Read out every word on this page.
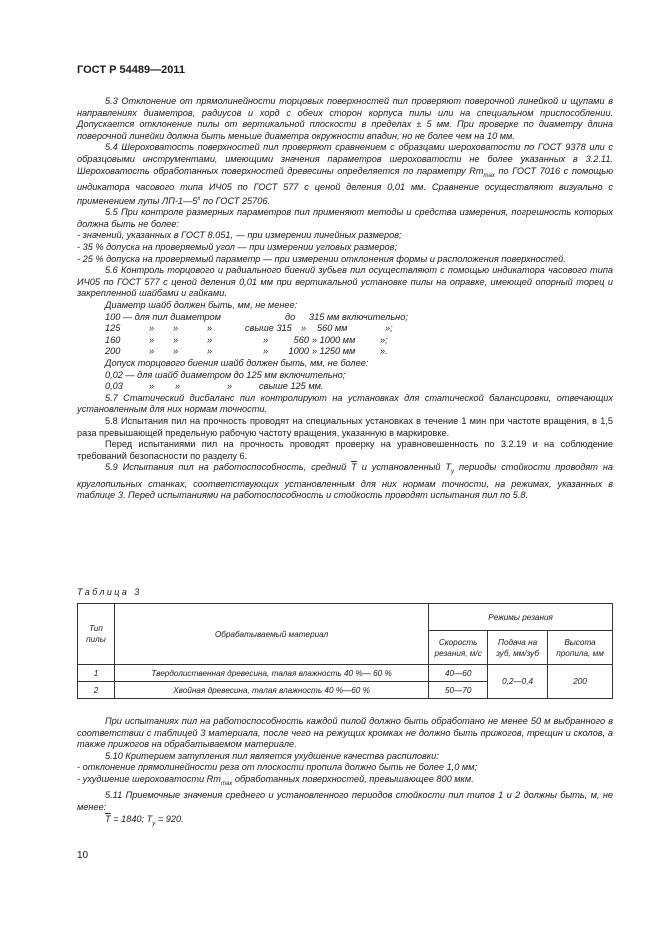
ГОСТ Р 54489—2011

5.3 Отклонение от прямолинейности торцовых поверхностей пил проверяют поверочной линейкой и щупами в направлениях диаметров, радиусов и хорд с обеих сторон корпуса пилы или на специальном приспособлении. Допускается отклонение пилы от вертикальной плоскости в пределах ± 5 мм. При проверке по диаметру длина поверочной линейки должна быть меньше диаметра окружности впадин, но не более чем на 10 мм.

5.4 Шероховатость поверхностей пил проверяют сравнением с образцами шероховатости по ГОСТ 9378 или с образцовыми инструментами, имеющими значения параметров шероховатости не более указанных в 3.2.11. Шероховатость обработанных поверхностей древесины определяется по параметру $Rm_{max}$ по ГОСТ 7016 с помощью индикатора часового типа ИЧ05 по ГОСТ 577 с ценой деления 0,01 мм. Сравнение осуществляют визуально с применением лупы ЛП-1—5$^x$ по ГОСТ 25706.

5.5 При контроле размерных параметров пил применяют методы и средства измерения, погрешность которых должна быть не более:

- значений, указанных в ГОСТ 8.051, — при измерении линейных размеров;

- 35 % допуска на проверяемый угол — при измерении угловых размеров;

- 25 % допуска на проверяемый параметр — при измерении отклонения формы и расположения поверхностей.

5.6 Контроль торцового и радиального биений зубьев пил осуществляют с помощью индикатора часового типа ИЧ05 по ГОСТ 577 с ценой деления 0,01 мм при вертикальной установке пилы на оправке, имеющей опорный торец и закрепленной шайбами и гайками.

Диаметр шайб должен быть, мм, не менее:

100 — для пил диаметром	до 315 мм включительно;
125	» »	»	свыше 315 » 560 мм	»;
160	» »	»	»	560 » 1000 мм	»;
200	» »	»	» 1000 » 1250 мм	».
Допуск торцового биения шайб должен быть, мм, не более:
0,02 — для шайб диаметром до 125 мм включительно;
0,03	» »	»	свыше 125 мм.

5.7 Статический дисбаланс пил контролируют на установках для статической балансировки, отвечающих установленным для них нормам точности.

5.8 Испытания пил на прочность проводят на специальных установках в течение 1 мин при частоте вращения, в 1,5 раза превышающей предельную рабочую частоту вращения, указанную в маркировке.

Перед испытаниями пил на прочность проводят проверку на уравновешенность по 3.2.19 и на соблюдение требований безопасности по разделу 6.

5.9 Испытания пил на работоспособность, средний $\overline{T}$ и установленный $T_у$ периоды стойкости проводят на круглопильных станках, соответствующих установленным для них нормам точности, на режимах, указанных в таблице 3. Перед испытаниями на работоспособность и стойкость проводят испытания пил по 5.8.

Таблица 3
Тип пилы	Обрабатываемый материал	Режимы резания		
		Скорость резания, м/с	Подача на зуб, мм/зуб	Высота пропила, мм
1	Твердолиственная древесина, талая влажность 40 %— 60 %	40—60	0,2—0,4	200
2	Хвойная древесина, талая влажность 40 %—60 %	50—70		

При испытаниях пил на работоспособность каждой пилой должно быть обработано не менее 50 м выбранного в соответствии с таблицей 3 материала, после чего на режущих кромках не должно быть прижогов, трещин и сколов, а также прижогов на обрабатываемом материале.

5.10 Критерием затупления пил является ухудшение качества распиловки:

- отклонение прямолинейности реза от плоскости пропила должно быть не более 1,0 мм;

- ухудшение шероховатости $Rm_{max}$ обработанных поверхностей, превышающее 800 мкм.

5.11 Приемочные значения среднего и установленного периодов стойкости пил типов 1 и 2 должны быть, м, не менее:

$\overline{T} = 1840$; $T_у = 920$.

10
